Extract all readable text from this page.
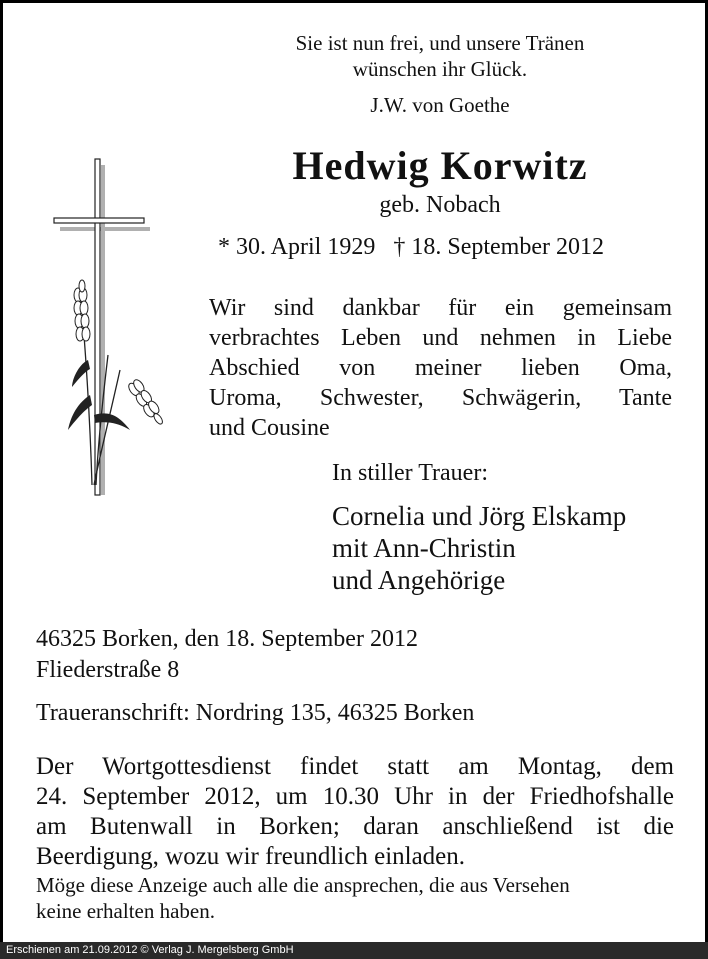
Sie ist nun frei, und unsere Tränen
wünschen ihr Glück.
J.W. von Goethe
Hedwig Korwitz
geb. Nobach
* 30. April 1929 † 18. September 2012
Wir sind dankbar für ein gemeinsam
verbrachtes Leben und nehmen in Liebe
Abschied von meiner lieben Oma,
Uroma, Schwester, Schwägerin, Tante
und Cousine
In stiller Trauer:
Cornelia und Jörg Elskamp
mit Ann-Christin
und Angehörige
46325 Borken, den 18. September 2012
Fliederstraße 8
Traueranschrift: Nordring 135, 46325 Borken
Der Wortgottesdienst findet statt am Montag, dem
24. September 2012, um 10.30 Uhr in der Friedhofshalle
am Butenwall in Borken; daran anschließend ist die
Beerdigung, wozu wir freundlich einladen.
Möge diese Anzeige auch alle die ansprechen, die aus Versehen
keine erhalten haben.
Erschienen am 21.09.2012 © Verlag J. Mergelsberg GmbH
